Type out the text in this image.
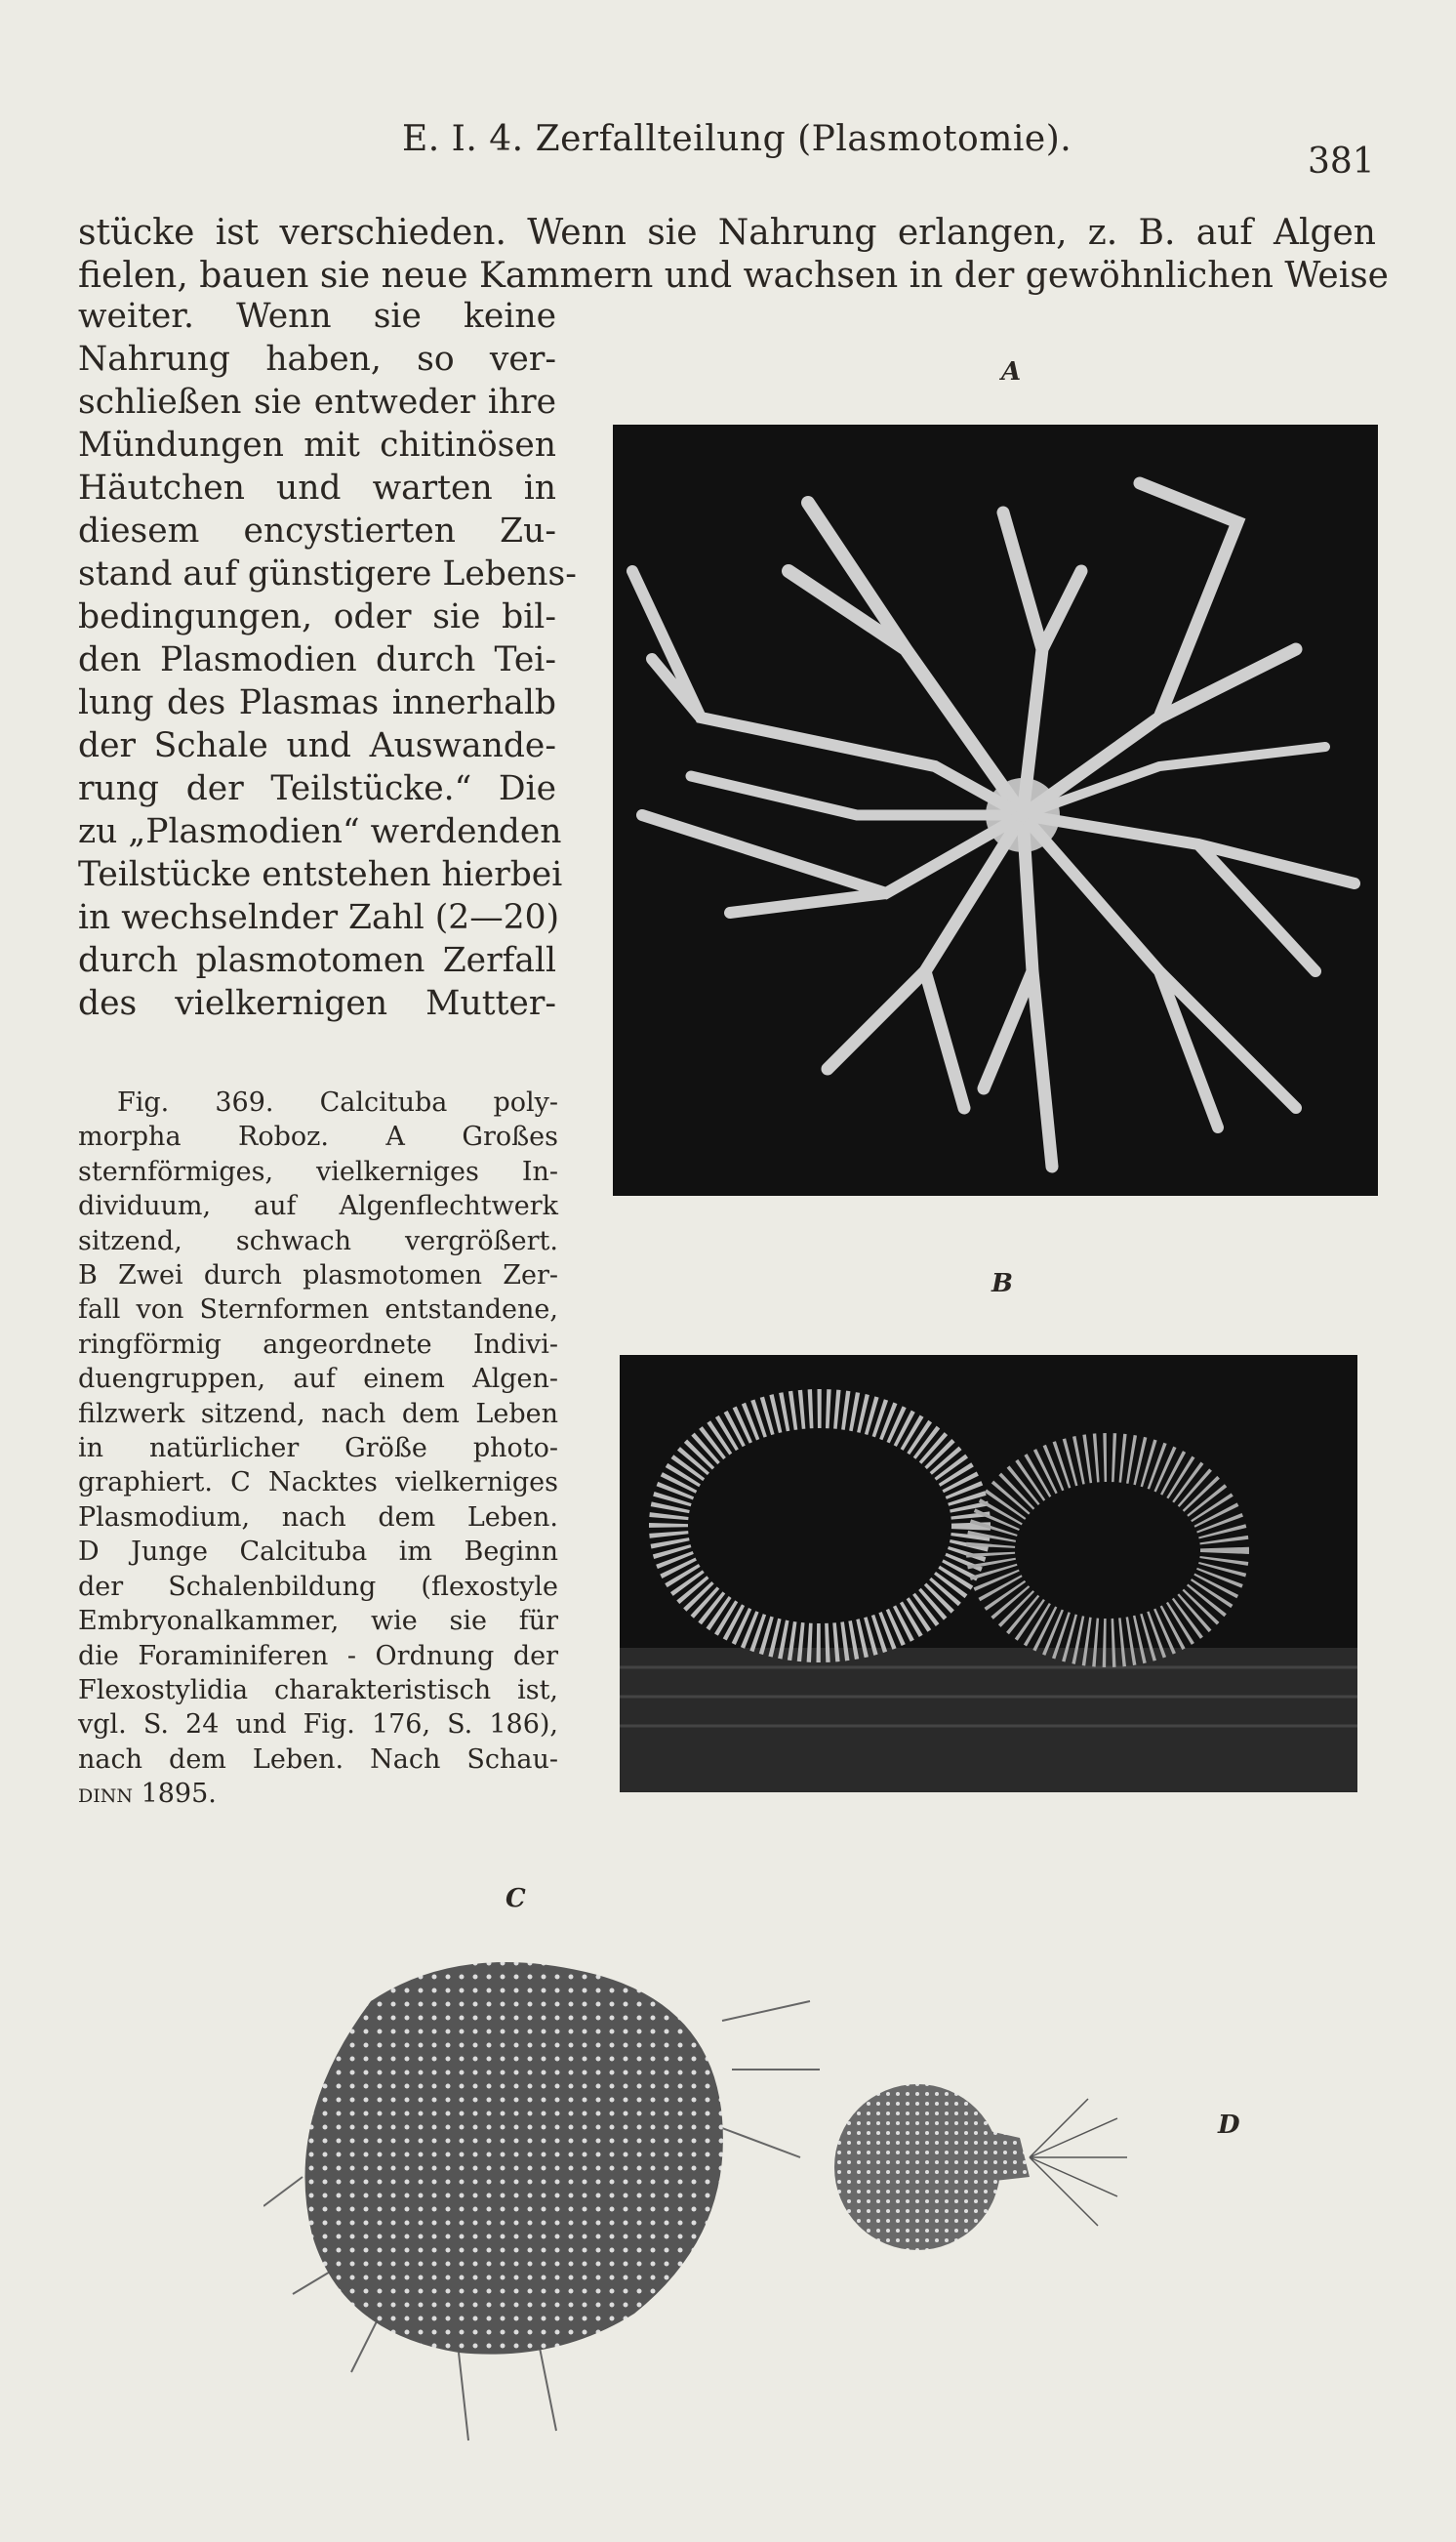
E. I. 4. Zerfallteilung (Plasmotomie).
381
stücke ist verschieden. Wenn sie Nahrung erlangen, z. B. auf Algen
fielen, bauen sie neue Kammern und wachsen in der gewöhnlichen Weise
weiter. Wenn sie keine
Nahrung haben, so ver-
schließen sie entweder ihre
Mündungen mit chitinösen
Häutchen und warten in
diesem encystierten Zu-
stand auf günstigere Lebens-
bedingungen, oder sie bil-
den Plasmodien durch Tei-
lung des Plasmas innerhalb
der Schale und Auswande-
rung der Teilstücke.“ Die
zu „Plasmodien“ werdenden
Teilstücke entstehen hierbei
in wechselnder Zahl (2—20)
durch plasmotomen Zerfall
des vielkernigen Mutter-
Fig. 369. Calcituba poly-
morpha Roboz. A Großes
sternförmiges, vielkerniges In-
dividuum, auf Algenflechtwerk
sitzend, schwach vergrößert.
B Zwei durch plasmotomen Zer-
fall von Sternformen entstandene,
ringförmig angeordnete Indivi-
duengruppen, auf einem Algen-
filzwerk sitzend, nach dem Leben
in natürlicher Größe photo-
graphiert. C Nacktes vielkerniges
Plasmodium, nach dem Leben.
D Junge Calcituba im Beginn
der Schalenbildung (flexostyle
Embryonalkammer, wie sie für
die Foraminiferen - Ordnung der
Flexostylidia charakteristisch ist,
vgl. S. 24 und Fig. 176, S. 186),
nach dem Leben. Nach Schau-
dinn 1895.
A
B
C
D
